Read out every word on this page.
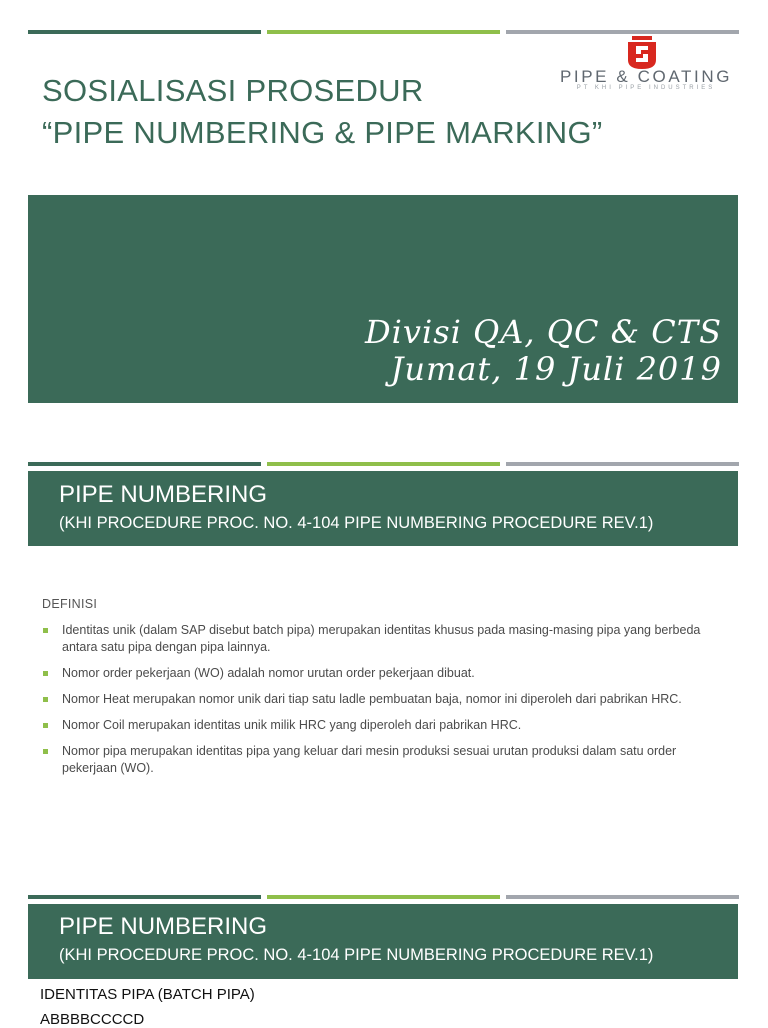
SOSIALISASI PROSEDUR
“PIPE NUMBERING & PIPE MARKING”
PIPE & COATING
PT KHI PIPE INDUSTRIES
Divisi QA, QC & CTS
Jumat, 19 Juli 2019
PIPE NUMBERING
(KHI PROCEDURE PROC. NO. 4-104 PIPE NUMBERING PROCEDURE REV.1)
DEFINISI
Identitas unik (dalam SAP disebut batch pipa) merupakan identitas khusus pada masing-masing pipa yang berbeda antara satu pipa dengan pipa lainnya.
Nomor order pekerjaan (WO) adalah nomor urutan order pekerjaan dibuat.
Nomor Heat merupakan nomor unik dari tiap satu ladle pembuatan baja, nomor ini diperoleh dari pabrikan HRC.
Nomor Coil merupakan identitas unik milik HRC yang diperoleh dari pabrikan HRC.
Nomor pipa merupakan identitas pipa yang keluar dari mesin produksi sesuai urutan produksi dalam satu order pekerjaan (WO).
PIPE NUMBERING
(KHI PROCEDURE PROC. NO. 4-104 PIPE NUMBERING PROCEDURE REV.1)
IDENTITAS PIPA (BATCH PIPA)
ABBBBCCCCD
